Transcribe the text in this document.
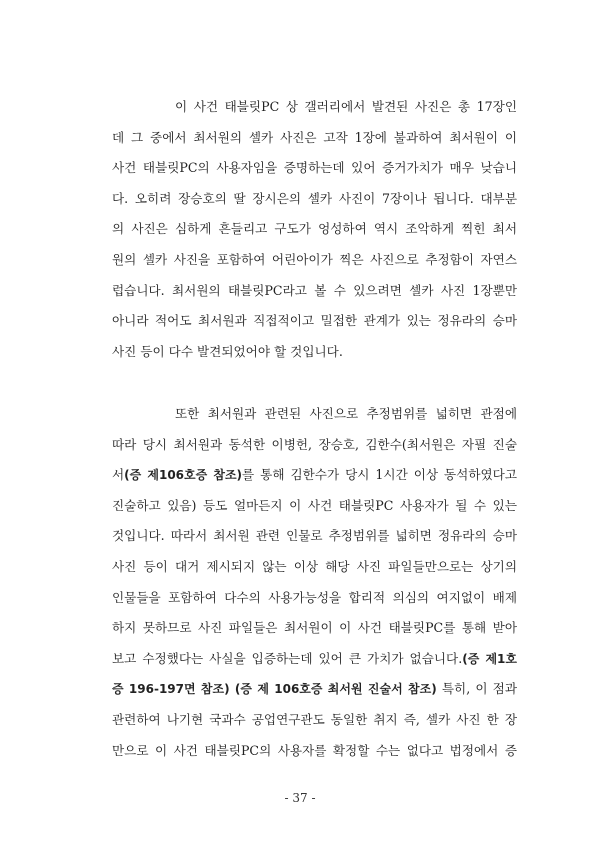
이 사건 태블릿PC 상 갤러리에서 발견된 사진은 총 17장인
데 그 중에서 최서원의 셀카 사진은 고작 1장에 불과하여 최서원이 이
사건 태블릿PC의 사용자임을 증명하는데 있어 증거가치가 매우 낮습니
다. 오히려 장승호의 딸 장시은의 셀카 사진이 7장이나 됩니다. 대부분
의 사진은 심하게 흔들리고 구도가 엉성하여 역시 조악하게 찍힌 최서
원의 셀카 사진을 포함하여 어린아이가 찍은 사진으로 추정함이 자연스
럽습니다. 최서원의 태블릿PC라고 볼 수 있으려면 셀카 사진 1장뿐만
아니라 적어도 최서원과 직접적이고 밀접한 관계가 있는 정유라의 승마
사진 등이 다수 발견되었어야 할 것입니다.
또한 최서원과 관련된 사진으로 추정범위를 넓히면 관점에
따라 당시 최서원과 동석한 이병헌, 장승호, 김한수(최서원은 자필 진술
서(증 제106호증 참조)를 통해 김한수가 당시 1시간 이상 동석하였다고
진술하고 있음) 등도 얼마든지 이 사건 태블릿PC 사용자가 될 수 있는
것입니다. 따라서 최서원 관련 인물로 추정범위를 넓히면 정유라의 승마
사진 등이 대거 제시되지 않는 이상 해당 사진 파일들만으로는 상기의
인물들을 포함하여 다수의 사용가능성을 합리적 의심의 여지없이 배제
하지 못하므로 사진 파일들은 최서원이 이 사건 태블릿PC를 통해 받아
보고 수정했다는 사실을 입증하는데 있어 큰 가치가 없습니다.(증 제1호
증 196-197면 참조) (증 제 106호증 최서원 진술서 참조) 특히, 이 점과
관련하여 나기현 국과수 공업연구관도 동일한 취지 즉, 셀카 사진 한 장
만으로 이 사건 태블릿PC의 사용자를 확정할 수는 없다고 법정에서 증
- 37 -
